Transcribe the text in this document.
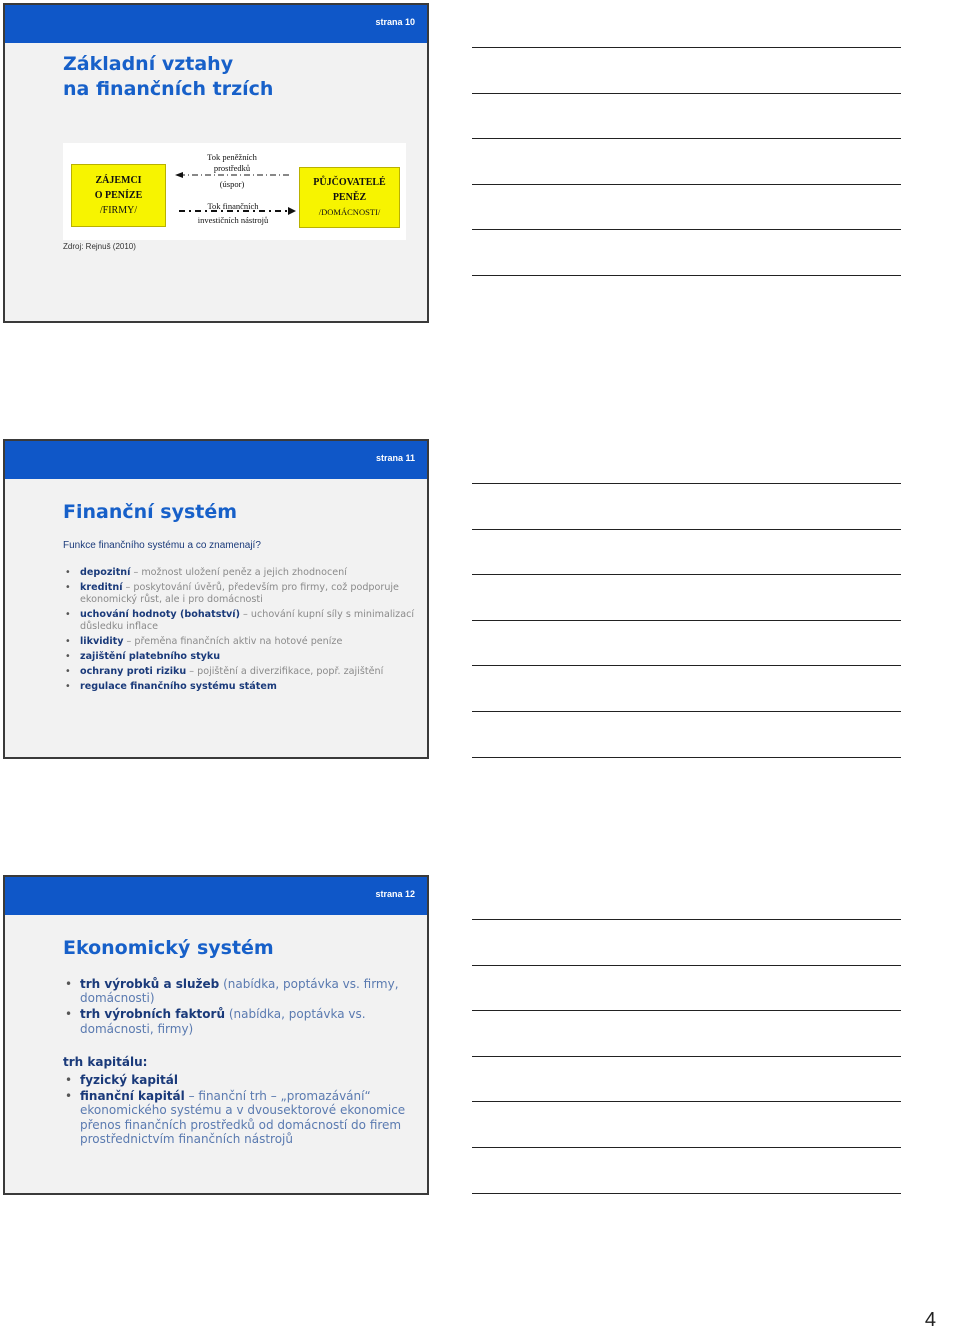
strana 10
Základní vztahy
na finančních trzích
ZÁJEMCI
O PENÍZE
/FIRMY/
PŮJČOVATELÉ
PENĚZ
/DOMÁCNOSTI/
Tok peněžních
prostředků
(úspor)
Tok finančních
investičních nástrojů
Zdroj: Rejnuš (2010)
strana 11
Finanční systém
Funkce finančního systému a co znamenají?
• depozitní – možnost uložení peněz a jejich zhodnocení
• kreditní – poskytování úvěrů, především pro firmy, což podporuje ekonomický růst, ale i pro domácnosti
• uchování hodnoty (bohatství) – uchování kupní síly s minimalizací důsledku inflace
• likvidity – přeměna finančních aktiv na hotové peníze
• zajištění platebního styku
• ochrany proti riziku – pojištění a diverzifikace, popř. zajištění
• regulace finančního systému státem
strana 12
Ekonomický systém
• trh výrobků a služeb (nabídka, poptávka vs. firmy, domácnosti)
• trh výrobních faktorů (nabídka, poptávka vs. domácnosti, firmy)
trh kapitálu:
• fyzický kapitál
• finanční kapitál – finanční trh – „promazávání“ ekonomického systému a v dvousektorové ekonomice přenos finančních prostředků od domácností do firem prostřednictvím finančních nástrojů
4
